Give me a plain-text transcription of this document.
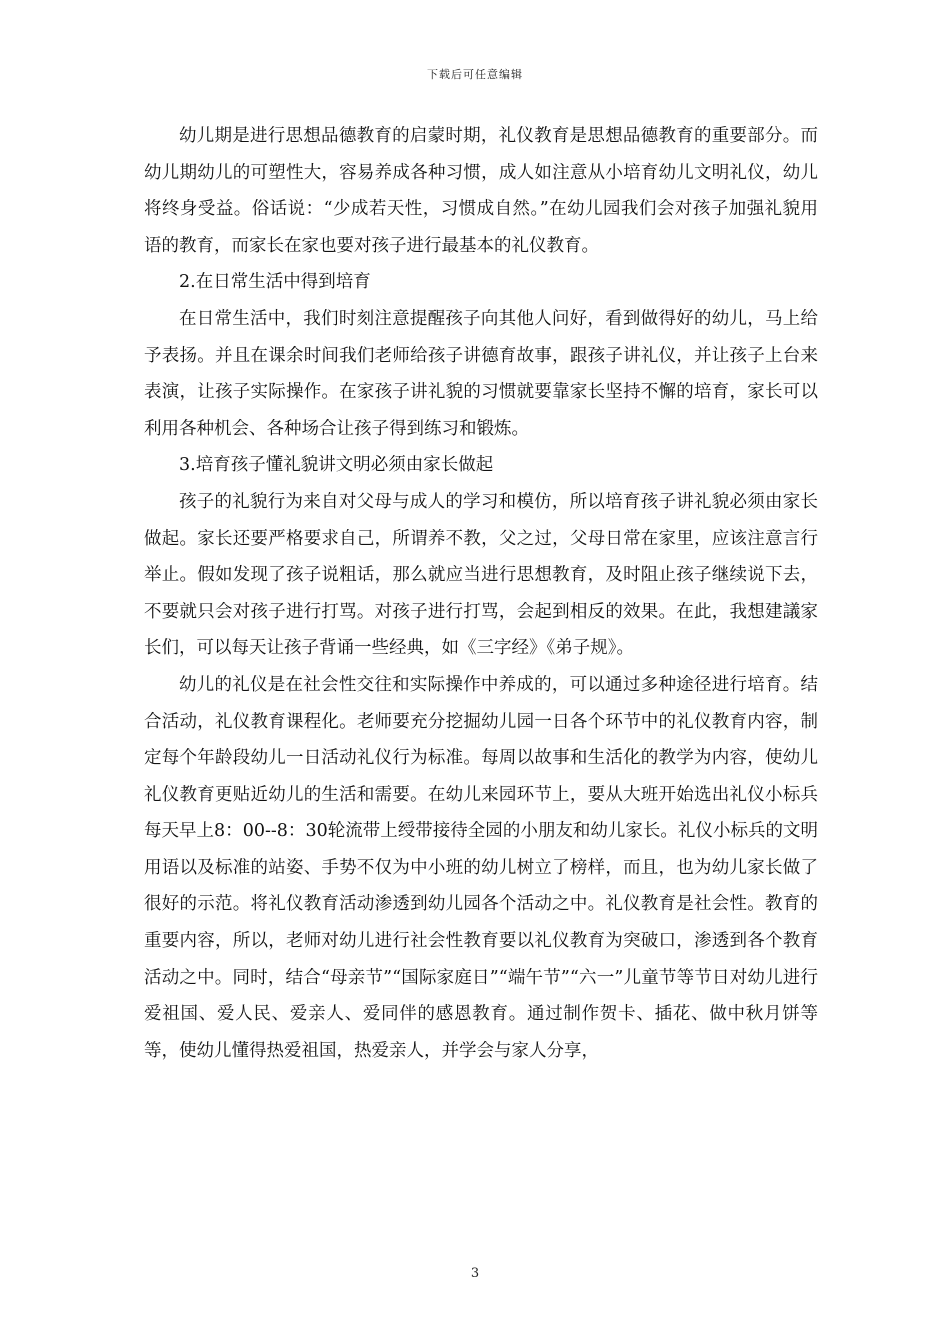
下载后可任意编辑

幼儿期是进行思想品德教育的启蒙时期，礼仪教育是思想品德教育的重要部分。而幼儿期幼儿的可塑性大，容易养成各种习惯，成人如注意从小培育幼儿文明礼仪，幼儿将终身受益。俗话说：“少成若天性，习惯成自然。”在幼儿园我们会对孩子加强礼貌用语的教育，而家长在家也要对孩子进行最基本的礼仪教育。

2.在日常生活中得到培育

在日常生活中，我们时刻注意提醒孩子向其他人问好，看到做得好的幼儿，马上给予表扬。并且在课余时间我们老师给孩子讲德育故事，跟孩子讲礼仪，并让孩子上台来表演，让孩子实际操作。在家孩子讲礼貌的习惯就要靠家长坚持不懈的培育，家长可以利用各种机会、各种场合让孩子得到练习和锻炼。

3.培育孩子懂礼貌讲文明必须由家长做起

孩子的礼貌行为来自对父母与成人的学习和模仿，所以培育孩子讲礼貌必须由家长做起。家长还要严格要求自己，所谓养不教，父之过，父母日常在家里，应该注意言行举止。假如发现了孩子说粗话，那么就应当进行思想教育，及时阻止孩子继续说下去，不要就只会对孩子进行打骂。对孩子进行打骂，会起到相反的效果。在此，我想建議家长们，可以每天让孩子背诵一些经典，如《三字经》《弟子规》。

幼儿的礼仪是在社会性交往和实际操作中养成的，可以通过多种途径进行培育。结合活动，礼仪教育课程化。老师要充分挖掘幼儿园一日各个环节中的礼仪教育内容，制定每个年龄段幼儿一日活动礼仪行为标准。每周以故事和生活化的教学为内容，使幼儿礼仪教育更贴近幼儿的生活和需要。在幼儿来园环节上，要从大班开始选出礼仪小标兵每天早上8：00--8：30轮流带上绶带接待全园的小朋友和幼儿家长。礼仪小标兵的文明用语以及标准的站姿、手势不仅为中小班的幼儿树立了榜样，而且，也为幼儿家长做了很好的示范。将礼仪教育活动渗透到幼儿园各个活动之中。礼仪教育是社会性。教育的重要内容，所以，老师对幼儿进行社会性教育要以礼仪教育为突破口，渗透到各个教育活动之中。同时，结合“母亲节”“国际家庭日”“端午节”“六一”儿童节等节日对幼儿进行爱祖国、爱人民、爱亲人、爱同伴的感恩教育。通过制作贺卡、插花、做中秋月饼等等，使幼儿懂得热爱祖国，热爱亲人，并学会与家人分享，

3
